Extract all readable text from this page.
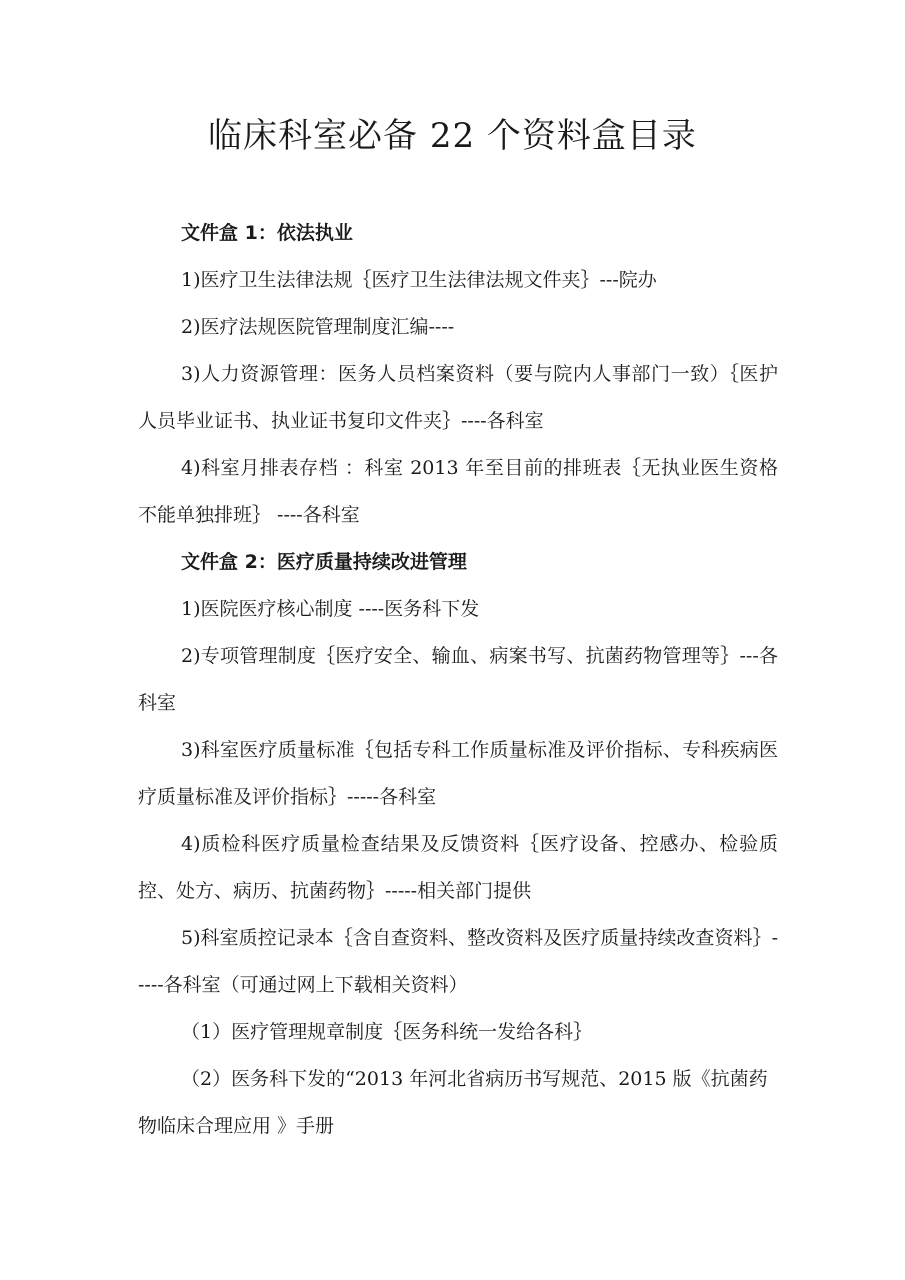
临床科室必备 22 个资料盒目录

文件盒 1：依法执业

1)医疗卫生法律法规｛医疗卫生法律法规文件夹｝---院办

2)医疗法规医院管理制度汇编----

3)人力资源管理：医务人员档案资料（要与院内人事部门一致）｛医护人员毕业证书、执业证书复印文件夹｝----各科室

4)科室月排表存档 ：科室 2013 年至目前的排班表｛无执业医生资格不能单独排班｝ ----各科室

文件盒 2：医疗质量持续改进管理

1)医院医疗核心制度 ----医务科下发

2)专项管理制度｛医疗安全、输血、病案书写、抗菌药物管理等｝---各科室

3)科室医疗质量标准｛包括专科工作质量标准及评价指标、专科疾病医疗质量标准及评价指标｝-----各科室

4)质检科医疗质量检查结果及反馈资料｛医疗设备、控感办、检验质控、处方、病历、抗菌药物｝-----相关部门提供

5)科室质控记录本｛含自查资料、整改资料及医疗质量持续改查资料｝-----各科室（可通过网上下载相关资料）

（1）医疗管理规章制度｛医务科统一发给各科｝

（2）医务科下发的“2013 年河北省病历书写规范、2015 版《抗菌药物临床合理应用 》手册
